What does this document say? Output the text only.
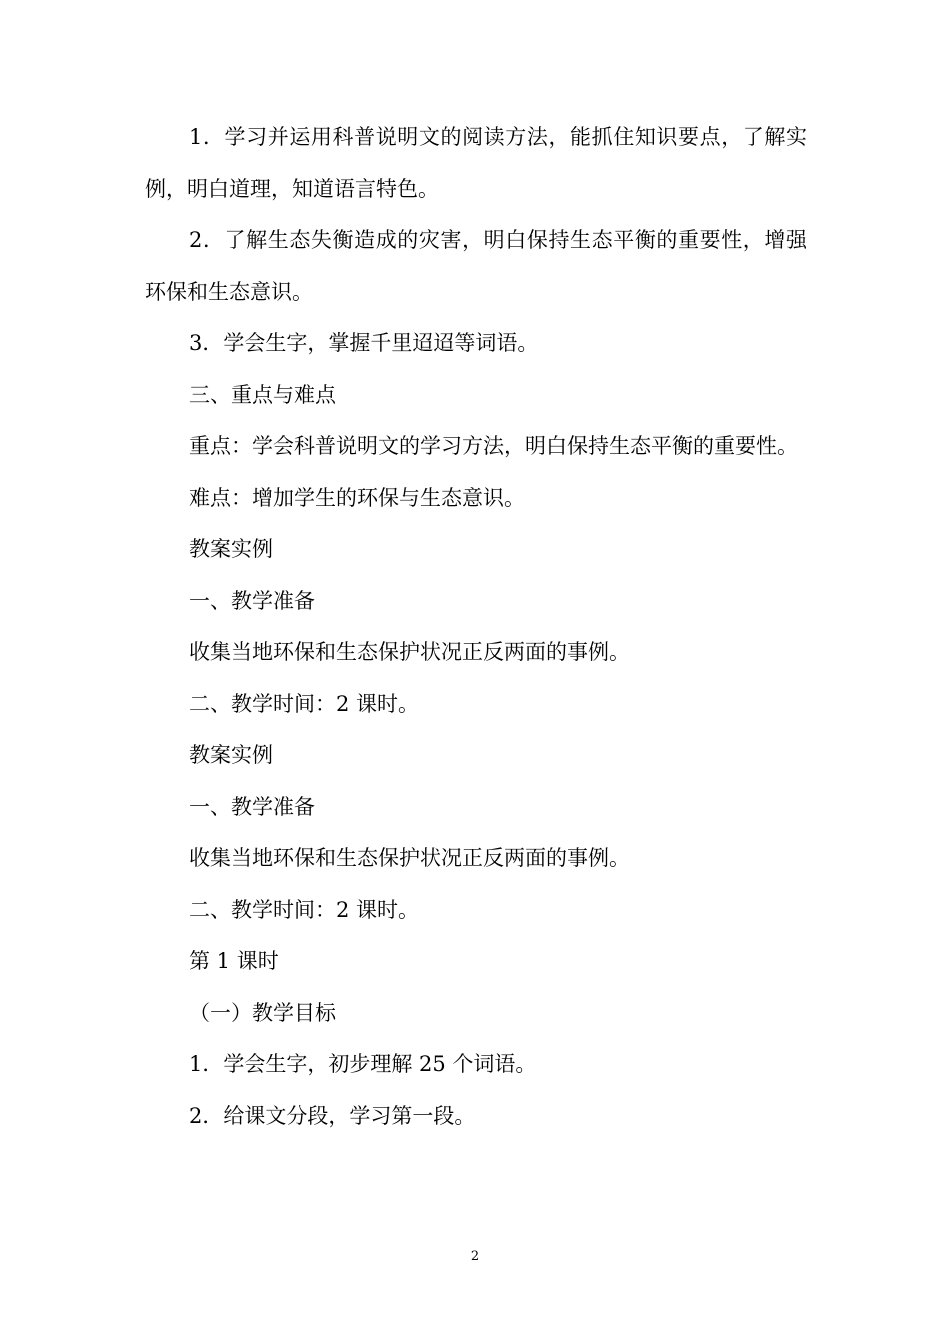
1．学习并运用科普说明文的阅读方法，能抓住知识要点，了解实例，明白道理，知道语言特色。

2．了解生态失衡造成的灾害，明白保持生态平衡的重要性，增强环保和生态意识。

3．学会生字，掌握千里迢迢等词语。

三、重点与难点

重点：学会科普说明文的学习方法，明白保持生态平衡的重要性。

难点：增加学生的环保与生态意识。

教案实例

一、教学准备

收集当地环保和生态保护状况正反两面的事例。

二、教学时间：2 课时。

教案实例

一、教学准备

收集当地环保和生态保护状况正反两面的事例。

二、教学时间：2 课时。

第 1 课时

（一）教学目标

1．学会生字，初步理解 25 个词语。

2．给课文分段，学习第一段。

2
